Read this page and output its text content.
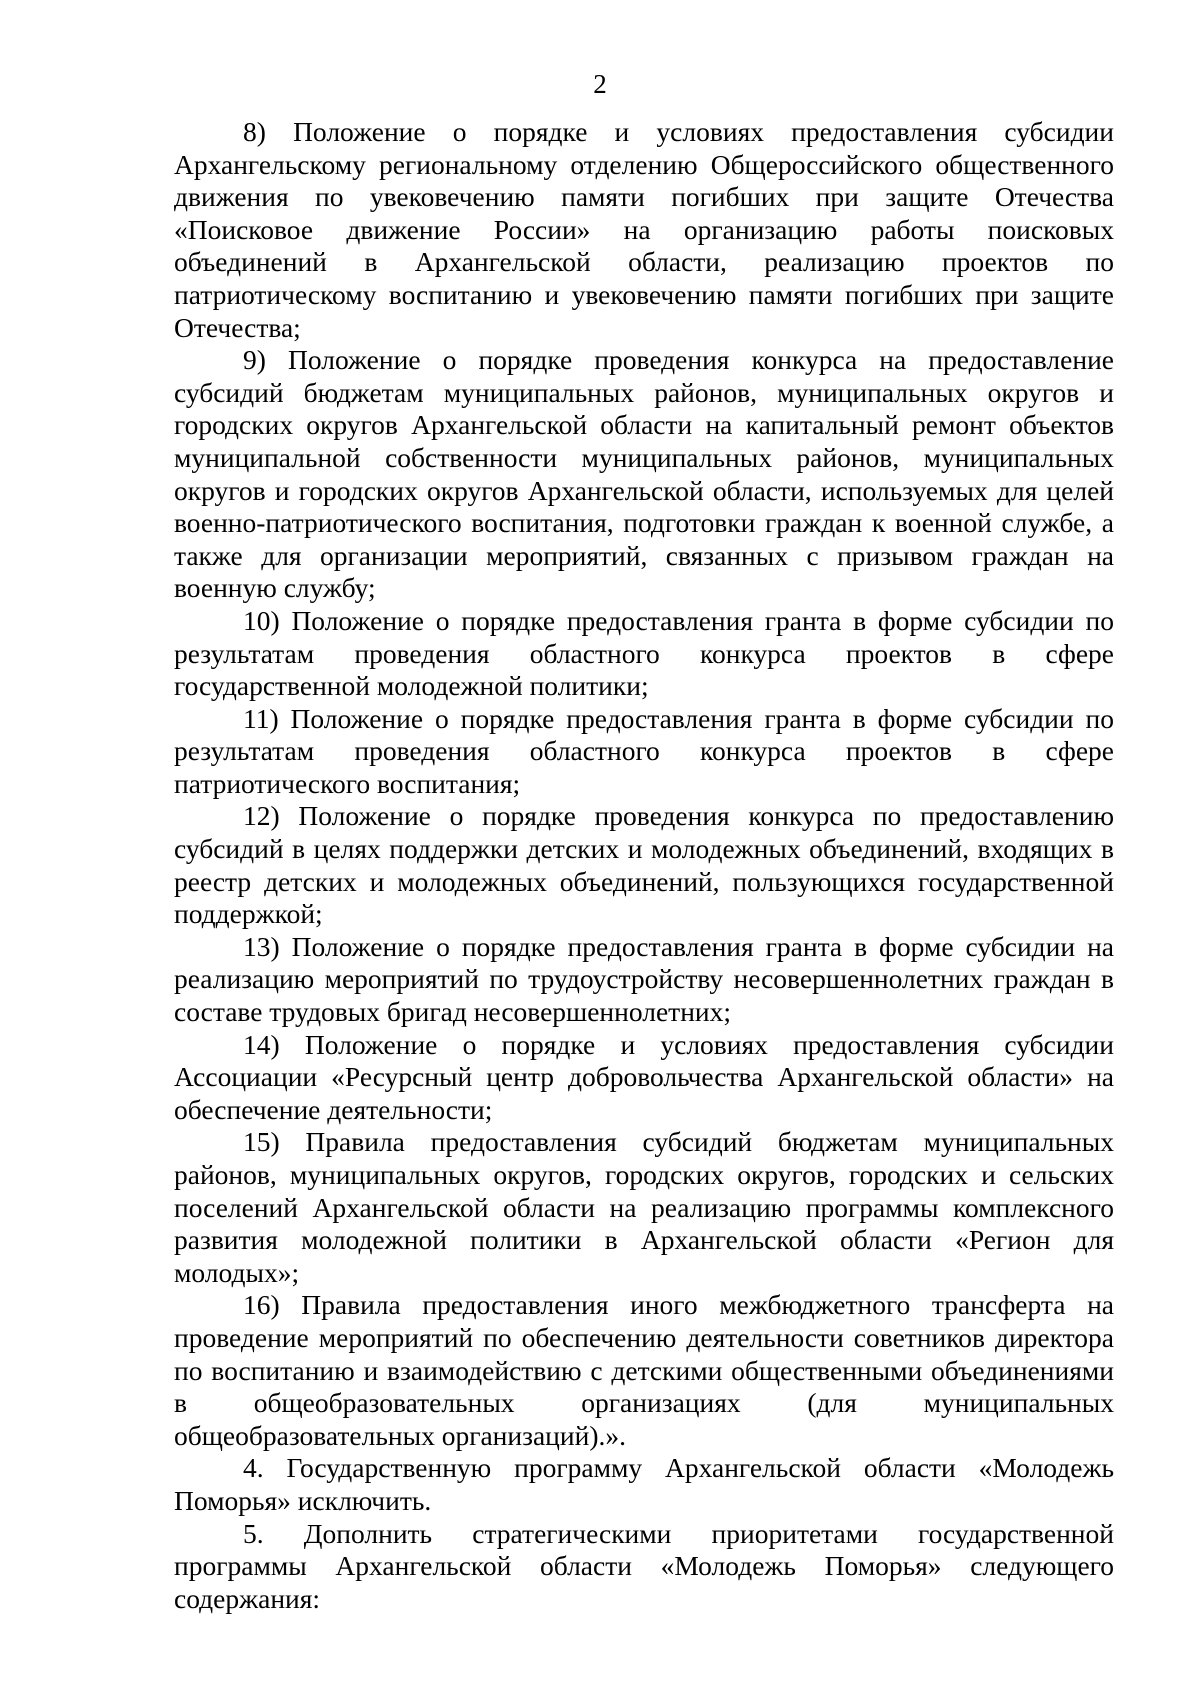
2

8) Положение о порядке и условиях предоставления субсидии Архангельскому региональному отделению Общероссийского общественного движения по увековечению памяти погибших при защите Отечества «Поисковое движение России» на организацию работы поисковых объединений в Архангельской области, реализацию проектов по патриотическому воспитанию и увековечению памяти погибших при защите Отечества;

9) Положение о порядке проведения конкурса на предоставление субсидий бюджетам муниципальных районов, муниципальных округов и городских округов Архангельской области на капитальный ремонт объектов муниципальной собственности муниципальных районов, муниципальных округов и городских округов Архангельской области, используемых для целей военно-патриотического воспитания, подготовки граждан к военной службе, а также для организации мероприятий, связанных с призывом граждан на военную службу;

10) Положение о порядке предоставления гранта в форме субсидии по результатам проведения областного конкурса проектов в сфере государственной молодежной политики;

11) Положение о порядке предоставления гранта в форме субсидии по результатам проведения областного конкурса проектов в сфере патриотического воспитания;

12) Положение о порядке проведения конкурса по предоставлению субсидий в целях поддержки детских и молодежных объединений, входящих в реестр детских и молодежных объединений, пользующихся государственной поддержкой;

13) Положение о порядке предоставления гранта в форме субсидии на реализацию мероприятий по трудоустройству несовершеннолетних граждан в составе трудовых бригад несовершеннолетних;

14) Положение о порядке и условиях предоставления субсидии Ассоциации «Ресурсный центр добровольчества Архангельской области» на обеспечение деятельности;

15) Правила предоставления субсидий бюджетам муниципальных районов, муниципальных округов, городских округов, городских и сельских поселений Архангельской области на реализацию программы комплексного развития молодежной политики в Архангельской области «Регион для молодых»;

16) Правила предоставления иного межбюджетного трансферта на проведение мероприятий по обеспечению деятельности советников директора по воспитанию и взаимодействию с детскими общественными объединениями в общеобразовательных организациях (для муниципальных общеобразовательных организаций).».

4. Государственную программу Архангельской области «Молодежь Поморья» исключить.

5. Дополнить стратегическими приоритетами государственной программы Архангельской области «Молодежь Поморья» следующего содержания:
